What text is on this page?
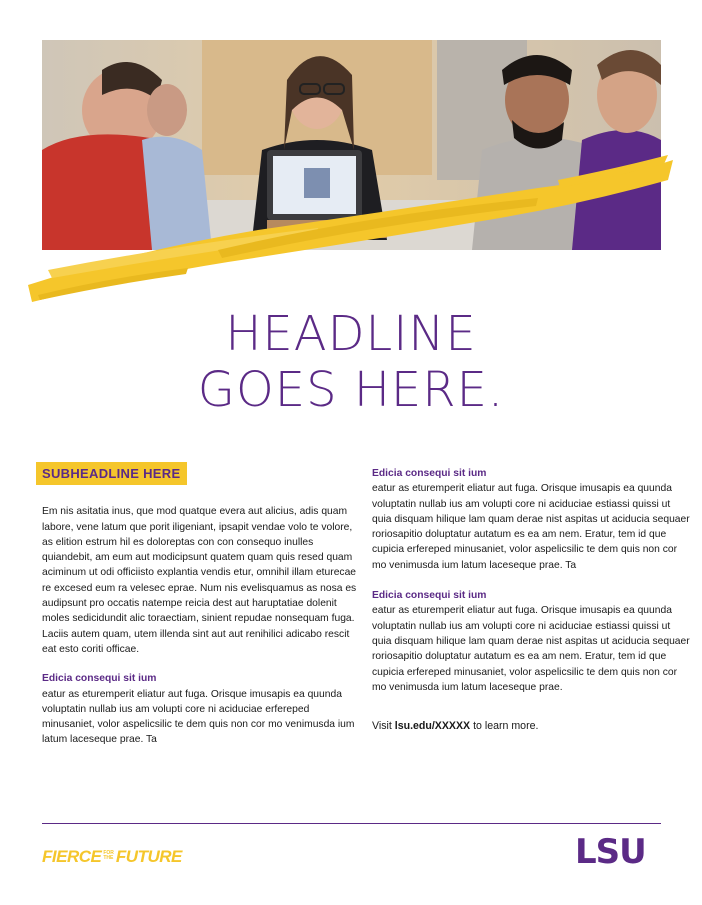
HEADLINE
GOES HERE.
SUBHEADLINE HERE

Em nis asitatia inus, que mod quatque evera aut alicius, adis quam labore, vene latum que porit iligeniant, ipsapit vendae volo te volore, as elition estrum hil es doloreptas con con consequo inulles quiandebit, am eum aut modicipsunt quatem quam quis resed quam aciminum ut odi officiisto explantia vendis etur, omnihil illam eturecae re excesed eum ra velesec eprae. Num nis evelisquamus as nosa es audipsunt pro occatis natempe reicia dest aut haruptatiae dolenit moles sedicidundit alic toraectiam, sinient repudae nonsequam fuga. Laciis autem quam, utem illenda sint aut aut renihilici adicabo rescit eat esto coriti officae.

Edicia consequi sit ium

eatur as eturemperit eliatur aut fuga. Orisque imusapis ea quunda voluptatin nullab ius am volupti core ni aciduciae erfereped minusaniet, volor aspelicsilic te dem quis non cor mo venimusda ium latum laceseque prae. Ta

Edicia consequi sit ium

eatur as eturemperit eliatur aut fuga. Orisque imusapis ea quunda voluptatin nullab ius am volupti core ni aciduciae estiassi quissi ut quia disquam hilique lam quam derae nist aspitas ut aciducia sequaer roriosapitio doluptatur autatum es ea am nem. Eratur, tem id que cupicia erfereped minusaniet, volor aspelicsilic te dem quis non cor mo venimusda ium latum laceseque prae. Ta

Edicia consequi sit ium

eatur as eturemperit eliatur aut fuga. Orisque imusapis ea quunda voluptatin nullab ius am volupti core ni aciduciae estiassi quissi ut quia disquam hilique lam quam derae nist aspitas ut aciducia sequaer roriosapitio doluptatur autatum es ea am nem. Eratur, tem id que cupicia erfereped minusaniet, volor aspelicsilic te dem quis non cor mo venimusda ium latum laceseque prae.

Visit lsu.edu/XXXXX to learn more.
FIERCE FOR
THE FUTURE	LSU
